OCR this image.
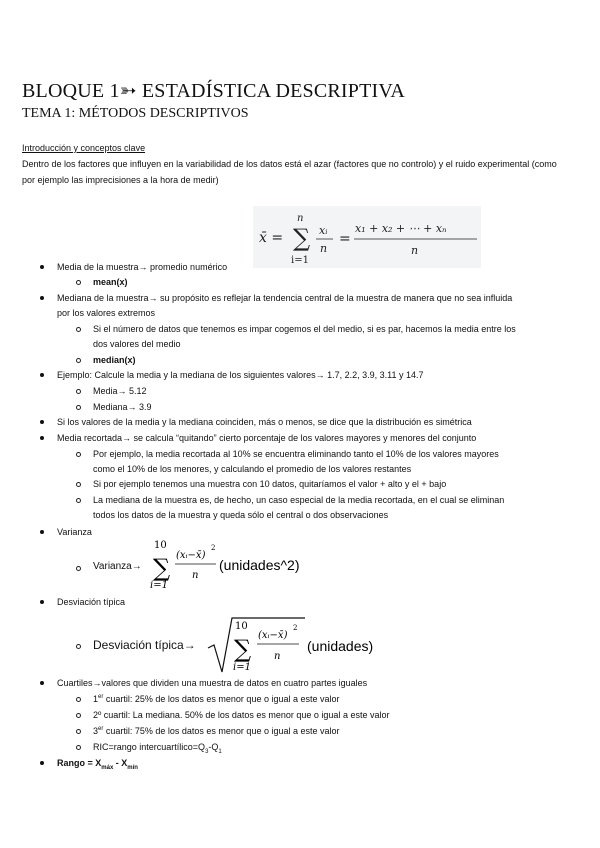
BLOQUE 1➳ ESTADÍSTICA DESCRIPTIVA
TEMA 1: MÉTODOS DESCRIPTIVOS
Introducción y conceptos clave
Dentro de los factores que influyen en la variabilidad de los datos está el azar (factores que no controlo) y el ruido experimental (como por ejemplo las imprecisiones a la hora de medir)
x̄ = ∑
n
i=1
xᵢ
n
=
x₁ + x₂ + ⋯ + xₙ
n
Media de la muestra→ promedio numérico
mean(x)
Mediana de la muestra→ su propósito es reflejar la tendencia central de la muestra de manera que no sea influida
por los valores extremos
Si el número de datos que tenemos es impar cogemos el del medio, si es par, hacemos la media entre los
dos valores del medio
median(x)
Ejemplo: Calcule la media y la mediana de los siguientes valores→ 1.7, 2.2, 3.9, 3.11 y 14.7
Media→ 5.12
Mediana→ 3.9
Si los valores de la media y la mediana coinciden, más o menos, se dice que la distribución es simétrica
Media recortada→ se calcula “quitando” cierto porcentaje de los valores mayores y menores del conjunto
Por ejemplo, la media recortada al 10% se encuentra eliminando tanto el 10% de los valores mayores
como el 10% de los menores, y calculando el promedio de los valores restantes
Si por ejemplo tenemos una muestra con 10 datos, quitaríamos el valor + alto y el + bajo
La mediana de la muestra es, de hecho, un caso especial de la media recortada, en el cual se eliminan
todos los datos de la muestra y queda sólo el central o dos observaciones
Varianza
Varianza→
10
∑
i=1
(xᵢ−x̄)
2
n
(unidades^2)
Desviación típica
Desviación típica→
10
∑
i=1
(xᵢ−x̄)
2
n
(unidades)
Cuartiles→valores que dividen una muestra de datos en cuatro partes iguales
1er cuartil: 25% de los datos es menor que o igual a este valor
2º cuartil: La mediana. 50% de los datos es menor que o igual a este valor
3er cuartil: 75% de los datos es menor que o igual a este valor
RIC=rango $intercuartílico=Q_3-Q_1$
Rango = $X_{máx} - X_{mín}$
